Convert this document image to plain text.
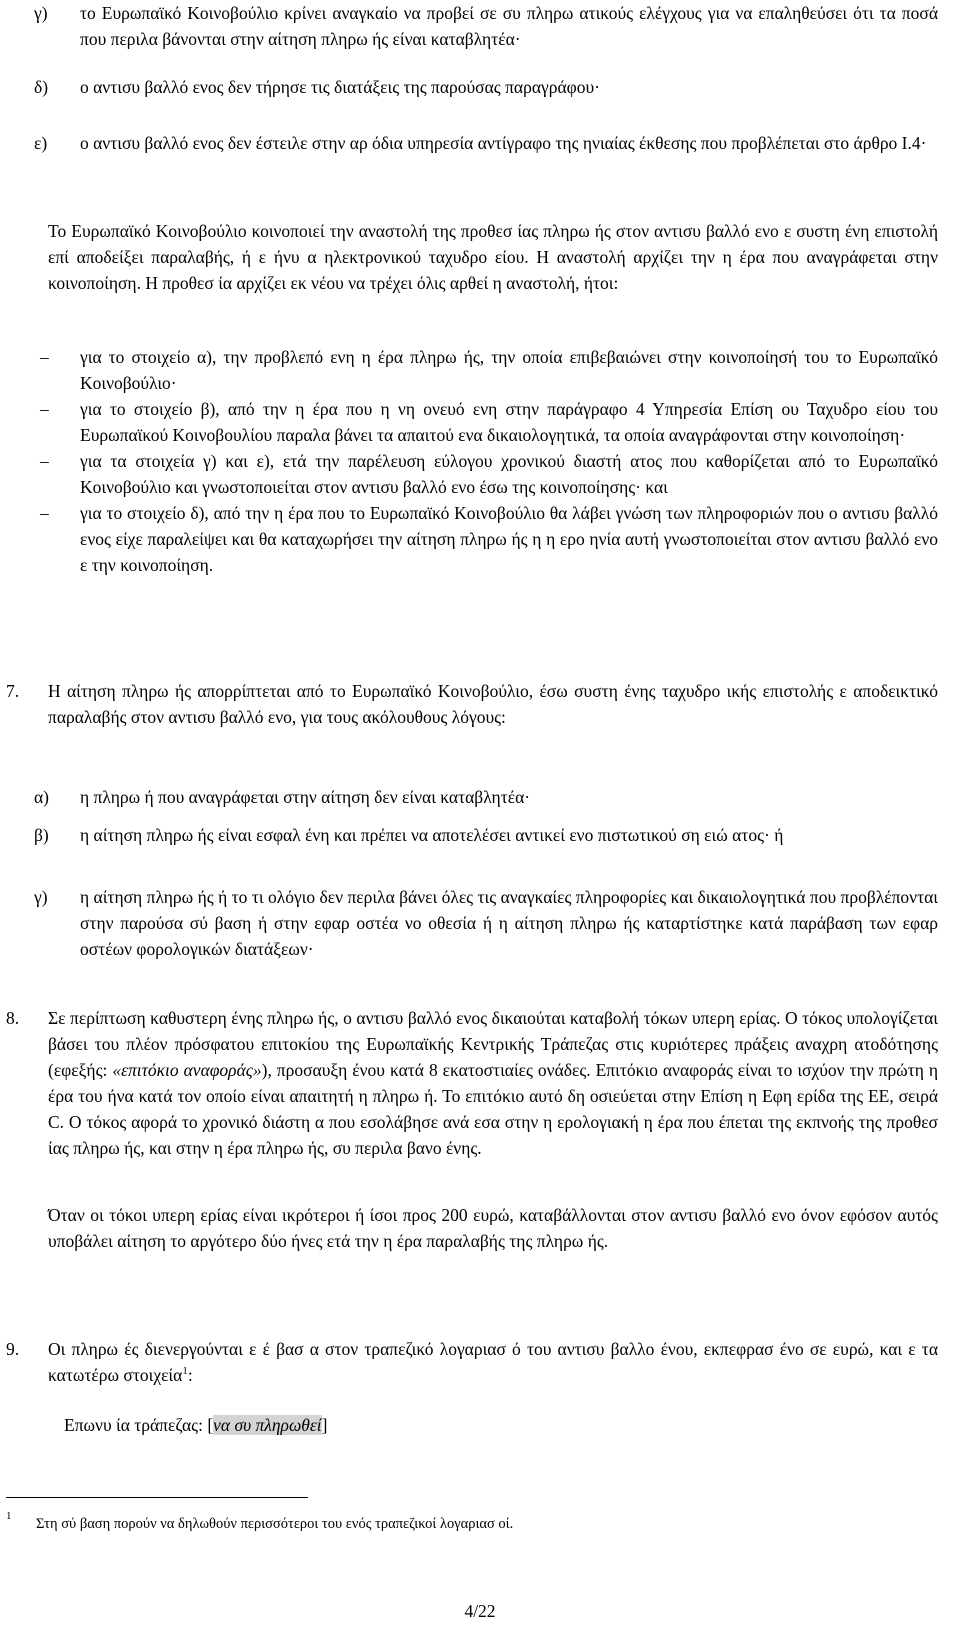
γ) το Ευρωπαϊκό Κοινοβούλιο κρίνει αναγκαίο να προβεί σε συ πληρω ατικούς ελέγχους για να επαληθεύσει ότι τα ποσά που περιλα βάνονται στην αίτηση πληρω ής είναι καταβλητέα·
δ) ο αντισυ βαλλό ενος δεν τήρησε τις διατάξεις της παρούσας παραγράφου·
ε) ο αντισυ βαλλό ενος δεν έστειλε στην αρ όδια υπηρεσία αντίγραφο της ηνιαίας έκθεσης που προβλέπεται στο άρθρο I.4·
Το Ευρωπαϊκό Κοινοβούλιο κοινοποιεί την αναστολή της προθεσ ίας πληρω ής στον αντισυ βαλλό ενο ε συστη ένη επιστολή επί αποδείξει παραλαβής, ή ε ήνυ α ηλεκτρονικού ταχυδρο είου. Η αναστολή αρχίζει την η έρα που αναγράφεται στην κοινοποίηση. Η προθεσ ία αρχίζει εκ νέου να τρέχει όλις αρθεί η αναστολή, ήτοι:

– για το στοιχείο α), την προβλεπό ενη η έρα πληρω ής, την οποία επιβεβαιώνει στην κοινοποίησή του το Ευρωπαϊκό Κοινοβούλιο·

– για το στοιχείο β), από την η έρα που η νη ονευό ενη στην παράγραφο 4 Υπηρεσία Επίση ου Ταχυδρο είου του Ευρωπαϊκού Κοινοβουλίου παραλα βάνει τα απαιτού ενα δικαιολογητικά, τα οποία αναγράφονται στην κοινοποίηση·

– για τα στοιχεία γ) και ε), ετά την παρέλευση εύλογου χρονικού διαστή ατος που καθορίζεται από το Ευρωπαϊκό Κοινοβούλιο και γνωστοποιείται στον αντισυ βαλλό ενο έσω της κοινοποίησης· και

– για το στοιχείο δ), από την η έρα που το Ευρωπαϊκό Κοινοβούλιο θα λάβει γνώση των πληροφοριών που ο αντισυ βαλλό ενος είχε παραλείψει και θα καταχωρήσει την αίτηση πληρω ής η η ερο ηνία αυτή γνωστοποιείται στον αντισυ βαλλό ενο ε την κοινοποίηση.

7. Η αίτηση πληρω ής απορρίπτεται από το Ευρωπαϊκό Κοινοβούλιο, έσω συστη ένης ταχυδρο ικής επιστολής ε αποδεικτικό παραλαβής στον αντισυ βαλλό ενο, για τους ακόλουθους λόγους:
α) η πληρω ή που αναγράφεται στην αίτηση δεν είναι καταβλητέα·
β) η αίτηση πληρω ής είναι εσφαλ ένη και πρέπει να αποτελέσει αντικεί ενο πιστωτικού ση ειώ ατος· ή
γ) η αίτηση πληρω ής ή το τι ολόγιο δεν περιλα βάνει όλες τις αναγκαίες πληροφορίες και δικαιολογητικά που προβλέπονται στην παρούσα σύ βαση ή στην εφαρ οστέα νο οθεσία ή η αίτηση πληρω ής καταρτίστηκε κατά παράβαση των εφαρ οστέων φορολογικών διατάξεων·
8. Σε περίπτωση καθυστερη ένης πληρω ής, ο αντισυ βαλλό ενος δικαιούται καταβολή τόκων υπερη ερίας. Ο τόκος υπολογίζεται βάσει του πλέον πρόσφατου επιτοκίου της Ευρωπαϊκής Κεντρικής Τράπεζας στις κυριότερες πράξεις αναχρη ατοδότησης (εφεξής: «επιτόκιο αναφοράς»), προσαυξη ένου κατά 8 εκατοστιαίες ονάδες. Επιτόκιο αναφοράς είναι το ισχύον την πρώτη η έρα του ήνα κατά τον οποίο είναι απαιτητή η πληρω ή. Το επιτόκιο αυτό δη οσιεύεται στην Επίση η Εφη ερίδα της ΕΕ, σειρά C. Ο τόκος αφορά το χρονικό διάστη α που εσολάβησε ανά εσα στην η ερολογιακή η έρα που έπεται της εκπνοής της προθεσ ίας πληρω ής, και στην η έρα πληρω ής, συ περιλα βανο ένης.
Όταν οι τόκοι υπερη ερίας είναι ικρότεροι ή ίσοι προς 200 ευρώ, καταβάλλονται στον αντισυ βαλλό ενο όνον εφόσον αυτός υποβάλει αίτηση το αργότερο δύο ήνες ετά την η έρα παραλαβής της πληρω ής.
9. Οι πληρω ές διενεργούνται ε έ βασ α στον τραπεζικό λογαριασ ό του αντισυ βαλλο ένου, εκπεφρασ ένο σε ευρώ, και ε τα κατωτέρω στοιχεία$^1$:
Επωνυ ία τράπεζας: [να συ πληρωθεί]
1 Στη σύ βαση πορούν να δηλωθούν περισσότεροι του ενός τραπεζικοί λογαριασ οί.
4/22
